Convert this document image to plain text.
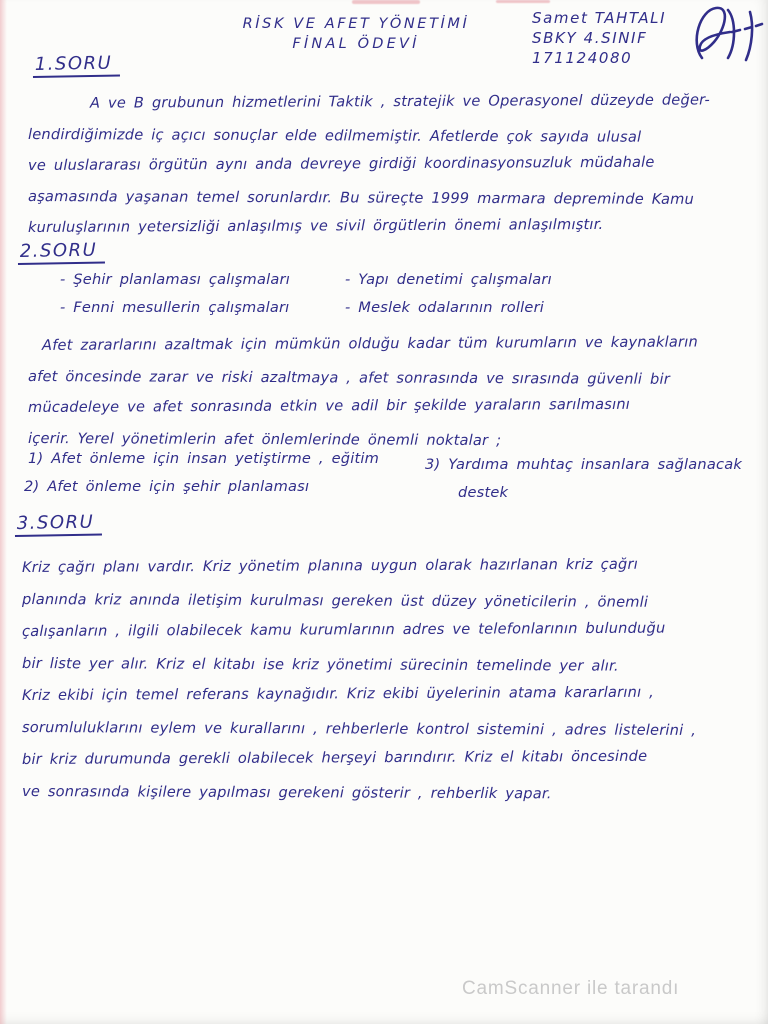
RİSK VE AFET YÖNETİMİ
FİNAL ÖDEVİ
Samet TAHTALI
SBKY 4.SINIF
171124080
1.SORU
A ve B grubunun hizmetlerini Taktik , stratejik ve Operasyonel düzeyde değer-
lendirdiğimizde iç açıcı sonuçlar elde edilmemiştir. Afetlerde çok sayıda ulusal
ve uluslararası örgütün aynı anda devreye girdiği koordinasyonsuzluk müdahale
aşamasında yaşanan temel sorunlardır. Bu süreçte 1999 marmara depreminde Kamu
kuruluşlarının yetersizliği anlaşılmış ve sivil örgütlerin önemi anlaşılmıştır.
2.SORU
- Şehir planlaması çalışmaları	- Yapı denetimi çalışmaları
- Fenni mesullerin çalışmaları	- Meslek odalarının rolleri
Afet zararlarını azaltmak için mümkün olduğu kadar tüm kurumların ve kaynakların
afet öncesinde zarar ve riski azaltmaya , afet sonrasında ve sırasında güvenli bir
mücadeleye ve afet sonrasında etkin ve adil bir şekilde yaraların sarılmasını
içerir. Yerel yönetimlerin afet önlemlerinde önemli noktalar ;
1) Afet önleme için insan yetiştirme , eğitim
2) Afet önleme için şehir planlaması
3) Yardıma muhtaç insanlara sağlanacak
destek
3.SORU
Kriz çağrı planı vardır. Kriz yönetim planına uygun olarak hazırlanan kriz çağrı
planında kriz anında iletişim kurulması gereken üst düzey yöneticilerin , önemli
çalışanların , ilgili olabilecek kamu kurumlarının adres ve telefonlarının bulunduğu
bir liste yer alır. Kriz el kitabı ise kriz yönetimi sürecinin temelinde yer alır.
Kriz ekibi için temel referans kaynağıdır. Kriz ekibi üyelerinin atama kararlarını ,
sorumluluklarını eylem ve kurallarını , rehberlerle kontrol sistemini , adres listelerini ,
bir kriz durumunda gerekli olabilecek herşeyi barındırır. Kriz el kitabı öncesinde
ve sonrasında kişilere yapılması gerekeni gösterir , rehberlik yapar.
CamScanner ile tarandı
